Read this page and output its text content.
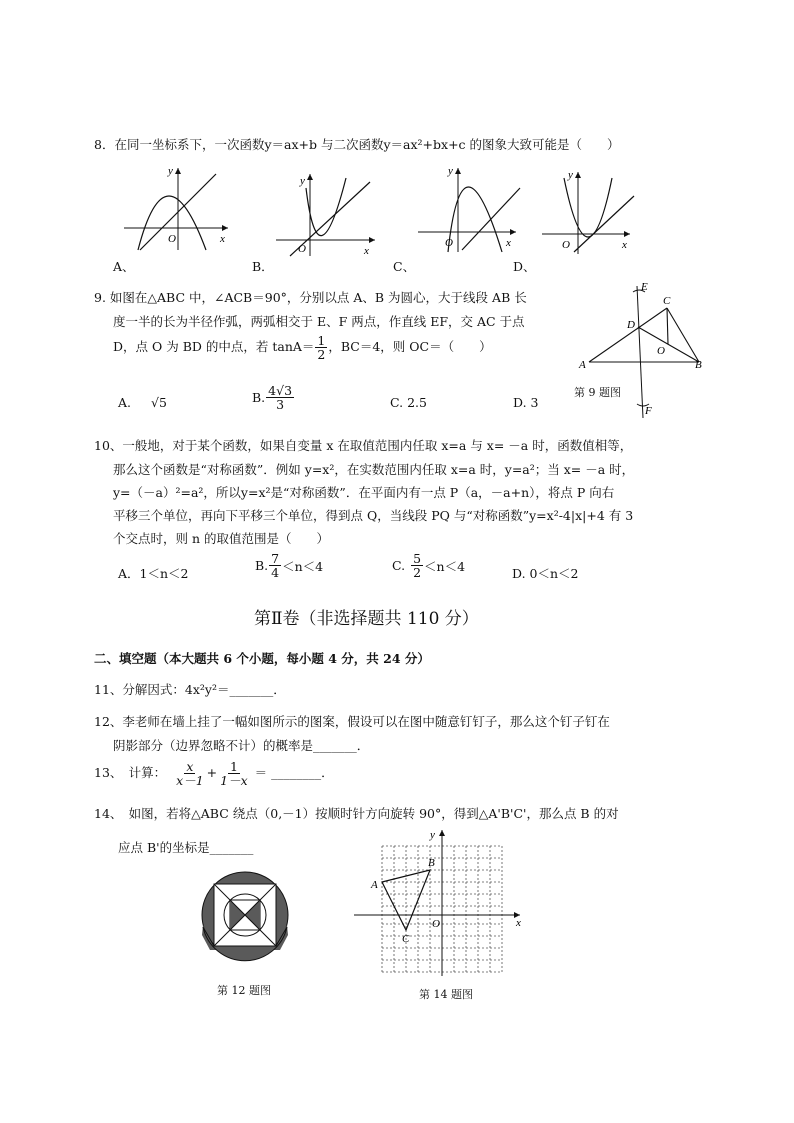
8．在同一坐标系下，一次函数y＝ax+b 与二次函数y＝ax²+bx+c 的图象大致可能是（　　）
y
x
O
A、
y
x
O
B．
y
x
O
C、
y
x
O
D、
9. 如图在△ABC 中，∠ACB＝90°，分别以点 A、B 为圆心，大于线段 AB 长
度一半的长为半径作弧，两弧相交于 E、F 两点，作直线 EF，交 AC 于点
D，点 O 为 BD 的中点，若 $\tan A= \frac{1}{2}$ ，BC＝4，则 OC＝（　　）
A. √5	B. $\frac{4√3}{3}$	C. 2.5	D. 3
E
C
D
O
A	B
F
第 9 题图
10、一般地，对于某个函数，如果自变量 x 在取值范围内任取 x=a 与 x= －a 时，函数值相等，
那么这个函数是“对称函数”．例如 y=x²，在实数范围内任取 x=a 时，y=a²；当 x= －a 时，
y=（－a）²=a²，所以y=x²是“对称函数”．在平面内有一点 P（a，－a+n），将点 P 向右
平移三个单位，再向下平移三个单位，得到点 Q，当线段 PQ 与“对称函数”y=x²-4|x|+4 有 3
个交点时，则 n 的取值范围是（　　）
A．1＜n＜2
B. $\frac{7}{4} <n<4$	C. $\frac{5}{2} <n<4$	D. 0＜n＜2
第Ⅱ卷（非选择题共 110 分）
二、填空题（本大题共 6 个小题，每小题 4 分，共 24 分）
11、分解因式：4x²y²＝_______．
12、李老师在墙上挂了一幅如图所示的图案，假设可以在图中随意钉钉子，那么这个钉子钉在
阴影部分（边界忽略不计）的概率是_______．
13、　计算： $\frac{x}{x-1} + \frac{1}{1-x}$ ＝ ________．
14、　如图，若将△ABC 绕点（0,－1）按顺时针方向旋转 90°，得到△A'B'C'，那么点 B 的对
应点 B'的坐标是_______
第 12 题图
A
B
C
O	x
y
第 14 题图
